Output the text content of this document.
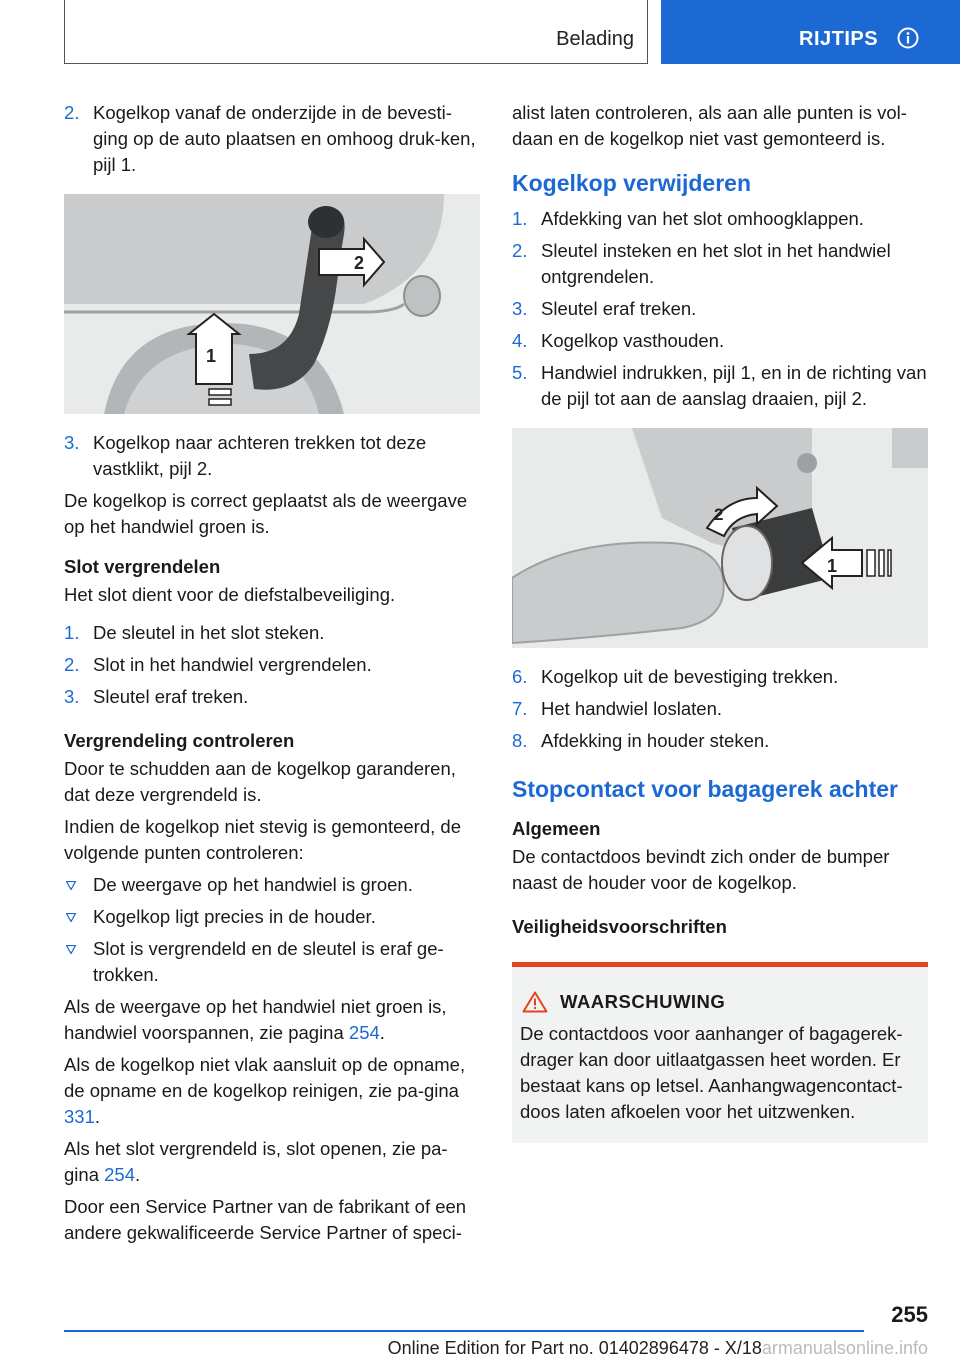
Belading	RIJTIPS
2. Kogelkop vanaf de onderzijde in de bevesti‐ging op de auto plaatsen en omhoog druk‐ken, pijl 1.
1
2
3. Kogelkop naar achteren trekken tot deze vastklikt, pijl 2.

De kogelkop is correct geplaatst als de weergave op het handwiel groen is.

Slot vergrendelen

Het slot dient voor de diefstalbeveiliging.

1. De sleutel in het slot steken.
2. Slot in het handwiel vergrendelen.
3. Sleutel eraf treken.
Vergrendeling controleren

Door te schudden aan de kogelkop garanderen, dat deze vergrendeld is.

Indien de kogelkop niet stevig is gemonteerd, de volgende punten controleren:

De weergave op het handwiel is groen.
Kogelkop ligt precies in de houder.
Slot is vergrendeld en de sleutel is eraf ge‐trokken.

Als de weergave op het handwiel niet groen is, handwiel voorspannen, zie pagina 254.

Als de kogelkop niet vlak aansluit op de opname, de opname en de kogelkop reinigen, zie pa‐gina 331.

Als het slot vergrendeld is, slot openen, zie pa‐gina 254.

Door een Service Partner van de fabrikant of een andere gekwalificeerde Service Partner of speci‐

alist laten controleren, als aan alle punten is vol‐daan en de kogelkop niet vast gemonteerd is.

Kogelkop verwijderen
1. Afdekking van het slot omhoogklappen.
2. Sleutel insteken en het slot in het handwiel ontgrendelen.
3. Sleutel eraf treken.
4. Kogelkop vasthouden.
5. Handwiel indrukken, pijl 1, en in de richting van de pijl tot aan de aanslag draaien, pijl 2.
1
2
6. Kogelkop uit de bevestiging trekken.
7. Het handwiel loslaten.
8. Afdekking in houder steken.
Stopcontact voor bagagerek achter
Algemeen

De contactdoos bevindt zich onder de bumper naast de houder voor de kogelkop.

Veiligheidsvoorschriften
WAARSCHUWING
De contactdoos voor aanhanger of bagagerek‐drager kan door uitlaatgassen heet worden. Er bestaat kans op letsel. Aanhangwagencontact‐doos laten afkoelen voor het uitzwenken.
255
Online Edition for Part no. 01402896478 - X/18armanualsonline.info
